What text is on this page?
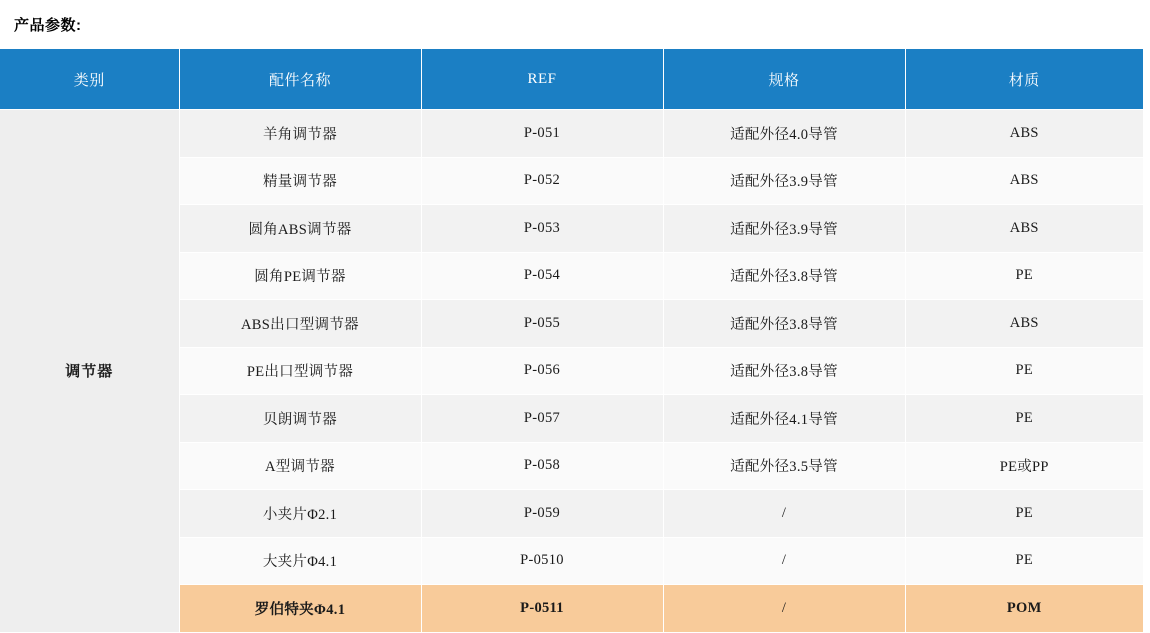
产品参数:
类别	配件名称	REF	规格	材质
调节器	羊角调节器	P-051	适配外径4.0导管	ABS
	精量调节器	P-052	适配外径3.9导管	ABS
	圆角ABS调节器	P-053	适配外径3.9导管	ABS
	圆角PE调节器	P-054	适配外径3.8导管	PE
	ABS出口型调节器	P-055	适配外径3.8导管	ABS
	PE出口型调节器	P-056	适配外径3.8导管	PE
	贝朗调节器	P-057	适配外径4.1导管	PE
	A型调节器	P-058	适配外径3.5导管	PE或PP
	小夹片Φ2.1	P-059	/	PE
	大夹片Φ4.1	P-0510	/	PE
	罗伯特夹Φ4.1	P-0511	/	POM
